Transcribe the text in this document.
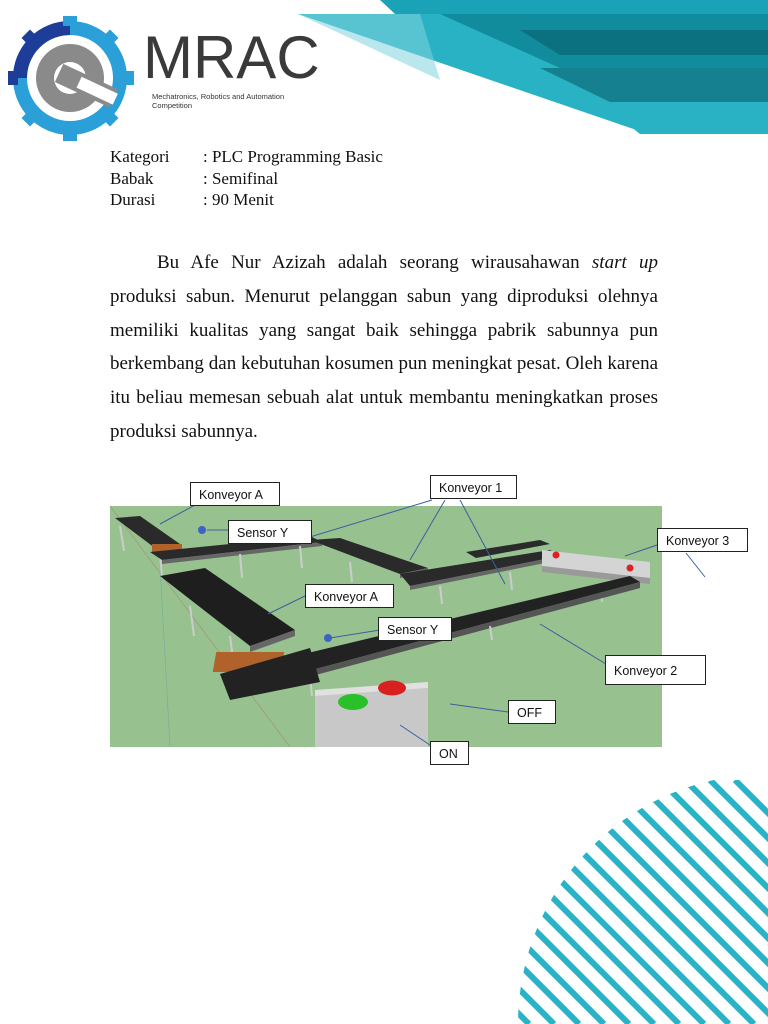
MRAC
Mechatronics, Robotics and Automation Competition
Kategori	: PLC Programming Basic
Babak	: Semifinal
Durasi	: 90 Menit

Bu Afe Nur Azizah adalah seorang wirausahawan start up produksi sabun. Menurut pelanggan sabun yang diproduksi olehnya memiliki kualitas yang sangat baik sehingga pabrik sabunnya pun berkembang dan kebutuhan kosumen pun meningkat pesat. Oleh karena itu beliau memesan sebuah alat untuk membantu meningkatkan proses produksi sabunnya.

Konveyor A
Sensor Y
Konveyor 1
Konveyor 3
Konveyor A
Sensor Y
Konveyor 2
OFF
ON
